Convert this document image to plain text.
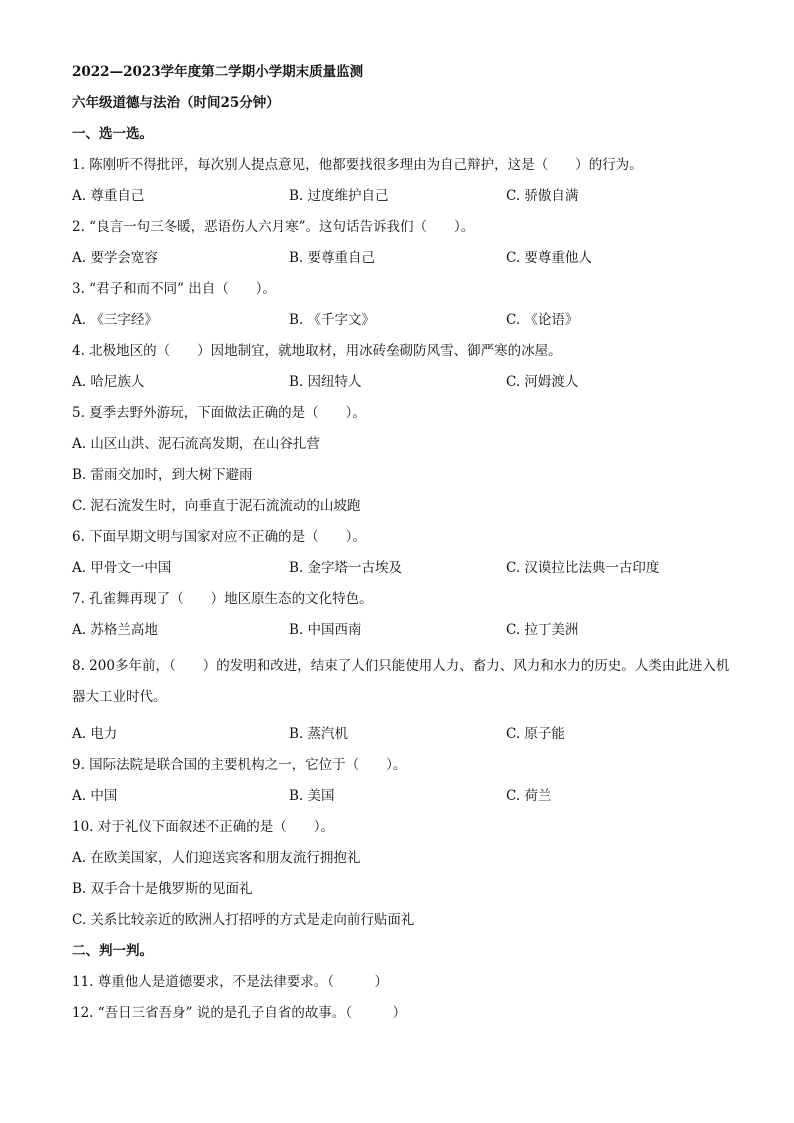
2022—2023学年度第二学期小学期末质量监测
六年级道德与法治（时间25分钟）
一、选一选。
1. 陈刚听不得批评，每次别人提点意见，他都要找很多理由为自己辩护，这是（　　）的行为。
A. 尊重自己	B. 过度维护自己	C. 骄傲自满
2. “良言一句三冬暖，恶语伤人六月寒”。这句话告诉我们（　　）。
A. 要学会宽容	B. 要尊重自己	C. 要尊重他人
3. “君子和而不同” 出自（　　）。
A. 《三字经》	B. 《千字文》	C. 《论语》
4. 北极地区的（　　）因地制宜，就地取材，用冰砖垒砌防风雪、御严寒的冰屋。
A. 哈尼族人	B. 因纽特人	C. 河姆渡人
5. 夏季去野外游玩，下面做法正确的是（　　）。
A. 山区山洪、泥石流高发期，在山谷扎营
B. 雷雨交加时，到大树下避雨
C. 泥石流发生时，向垂直于泥石流流动的山坡跑
6. 下面早期文明与国家对应不正确的是（　　）。
A. 甲骨文一中国	B. 金字塔一古埃及	C. 汉谟拉比法典一古印度
7. 孔雀舞再现了（　　）地区原生态的文化特色。
A. 苏格兰高地	B. 中国西南	C. 拉丁美洲
8. 200多年前，（　　）的发明和改进，结束了人们只能使用人力、畜力、风力和水力的历史。人类由此进入机器大工业时代。
A. 电力	B. 蒸汽机	C. 原子能
9. 国际法院是联合国的主要机构之一，它位于（　　）。
A. 中国	B. 美国	C. 荷兰
10. 对于礼仪下面叙述不正确的是（　　）。
A. 在欧美国家，人们迎送宾客和朋友流行拥抱礼
B. 双手合十是俄罗斯的见面礼
C. 关系比较亲近的欧洲人打招呼的方式是走向前行贴面礼
二、判一判。
11. 尊重他人是道德要求，不是法律要求。（　　　）
12. “吾日三省吾身” 说的是孔子自省的故事。（　　　）
